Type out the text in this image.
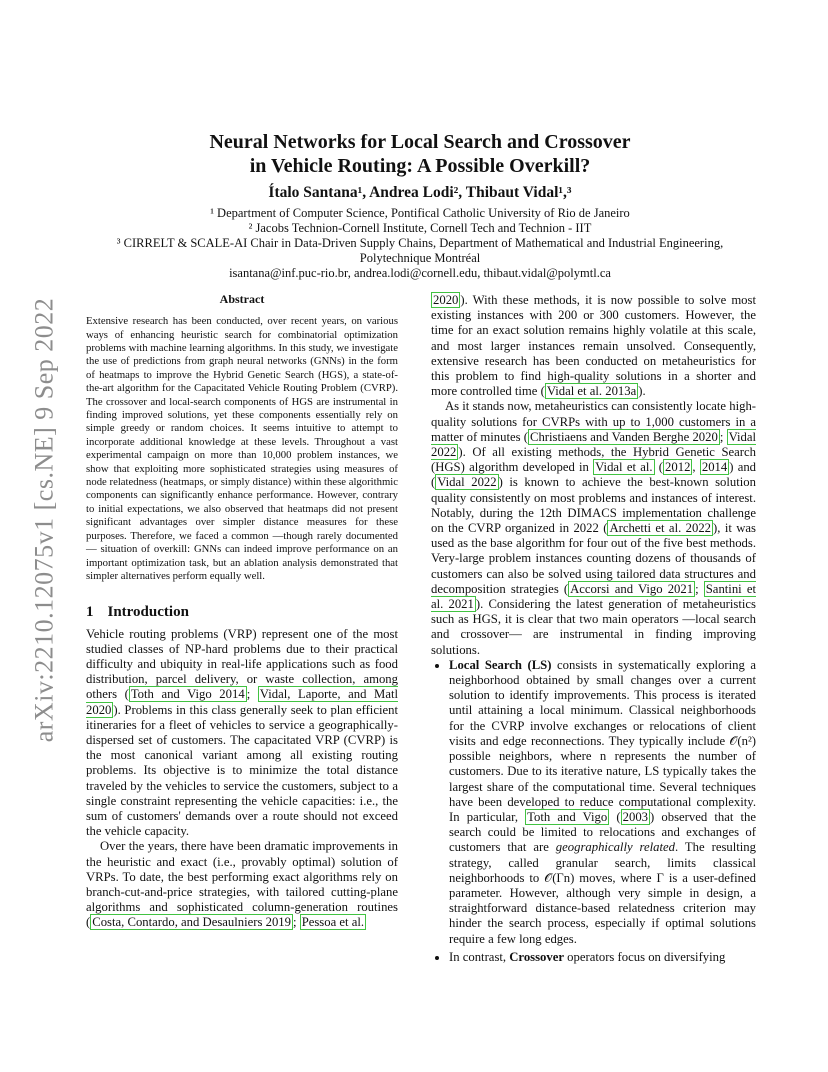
arXiv:2210.12075v1 [cs.NE] 9 Sep 2022
Neural Networks for Local Search and Crossover
in Vehicle Routing: A Possible Overkill?
Ítalo Santana¹, Andrea Lodi², Thibaut Vidal¹,³
¹ Department of Computer Science, Pontifical Catholic University of Rio de Janeiro
² Jacobs Technion-Cornell Institute, Cornell Tech and Technion - IIT
³ CIRRELT & SCALE-AI Chair in Data-Driven Supply Chains, Department of Mathematical and Industrial Engineering,
Polytechnique Montréal
isantana@inf.puc-rio.br, andrea.lodi@cornell.edu, thibaut.vidal@polymtl.ca
Abstract

Extensive research has been conducted, over recent years, on various ways of enhancing heuristic search for combinatorial optimization problems with machine learning algorithms. In this study, we investigate the use of predictions from graph neural networks (GNNs) in the form of heatmaps to improve the Hybrid Genetic Search (HGS), a state-of-the-art algorithm for the Capacitated Vehicle Routing Problem (CVRP). The crossover and local-search components of HGS are instrumental in finding improved solutions, yet these components essentially rely on simple greedy or random choices. It seems intuitive to attempt to incorporate additional knowledge at these levels. Throughout a vast experimental campaign on more than 10,000 problem instances, we show that exploiting more sophisticated strategies using measures of node relatedness (heatmaps, or simply distance) within these algorithmic components can significantly enhance performance. However, contrary to initial expectations, we also observed that heatmaps did not present significant advantages over simpler distance measures for these purposes. Therefore, we faced a common —though rarely documented— situation of overkill: GNNs can indeed improve performance on an important optimization task, but an ablation analysis demonstrated that simpler alternatives perform equally well.

1 Introduction

Vehicle routing problems (VRP) represent one of the most studied classes of NP-hard problems due to their practical difficulty and ubiquity in real-life applications such as food distribution, parcel delivery, or waste collection, among others ( Toth and Vigo 2014 ; Vidal, Laporte, and Matl 2020 ). Problems in this class generally seek to plan efficient itineraries for a fleet of vehicles to service a geographically-dispersed set of customers. The capacitated VRP (CVRP) is the most canonical variant among all existing routing problems. Its objective is to minimize the total distance traveled by the vehicles to service the customers, subject to a single constraint representing the vehicle capacities: i.e., the sum of customers' demands over a route should not exceed the vehicle capacity.

Over the years, there have been dramatic improvements in the heuristic and exact (i.e., provably optimal) solution of VRPs. To date, the best performing exact algorithms rely on branch-cut-and-price strategies, with tailored cutting-plane algorithms and sophisticated column-generation routines ( Costa, Contardo, and Desaulniers 2019 ; Pessoa et al.

2020 ). With these methods, it is now possible to solve most existing instances with 200 or 300 customers. However, the time for an exact solution remains highly volatile at this scale, and most larger instances remain unsolved. Consequently, extensive research has been conducted on metaheuristics for this problem to find high-quality solutions in a shorter and more controlled time ( Vidal et al. 2013a ).

As it stands now, metaheuristics can consistently locate high-quality solutions for CVRPs with up to 1,000 customers in a matter of minutes ( Christiaens and Vanden Berghe 2020 ; Vidal 2022 ). Of all existing methods, the Hybrid Genetic Search (HGS) algorithm developed in Vidal et al. ( 2012 , 2014 ) and ( Vidal 2022 ) is known to achieve the best-known solution quality consistently on most problems and instances of interest. Notably, during the 12th DIMACS implementation challenge on the CVRP organized in 2022 ( Archetti et al. 2022 ), it was used as the base algorithm for four out of the five best methods. Very-large problem instances counting dozens of thousands of customers can also be solved using tailored data structures and decomposition strategies ( Accorsi and Vigo 2021 ; Santini et al. 2021 ). Considering the latest generation of metaheuristics such as HGS, it is clear that two main operators —local search and crossover— are instrumental in finding improving solutions.

• Local Search (LS) consists in systematically exploring a neighborhood obtained by small changes over a current solution to identify improvements. This process is iterated until attaining a local minimum. Classical neighborhoods for the CVRP involve exchanges or relocations of client visits and edge reconnections. They typically include 𝒪(n²) possible neighbors, where n represents the number of customers. Due to its iterative nature, LS typically takes the largest share of the computational time. Several techniques have been developed to reduce computational complexity. In particular, Toth and Vigo ( 2003 ) observed that the search could be limited to relocations and exchanges of customers that are geographically related. The resulting strategy, called granular search, limits classical neighborhoods to 𝒪(Γn) moves, where Γ is a user-defined parameter. However, although very simple in design, a straightforward distance-based relatedness criterion may hinder the search process, especially if optimal solutions require a few long edges.
• In contrast, Crossover operators focus on diversifying
